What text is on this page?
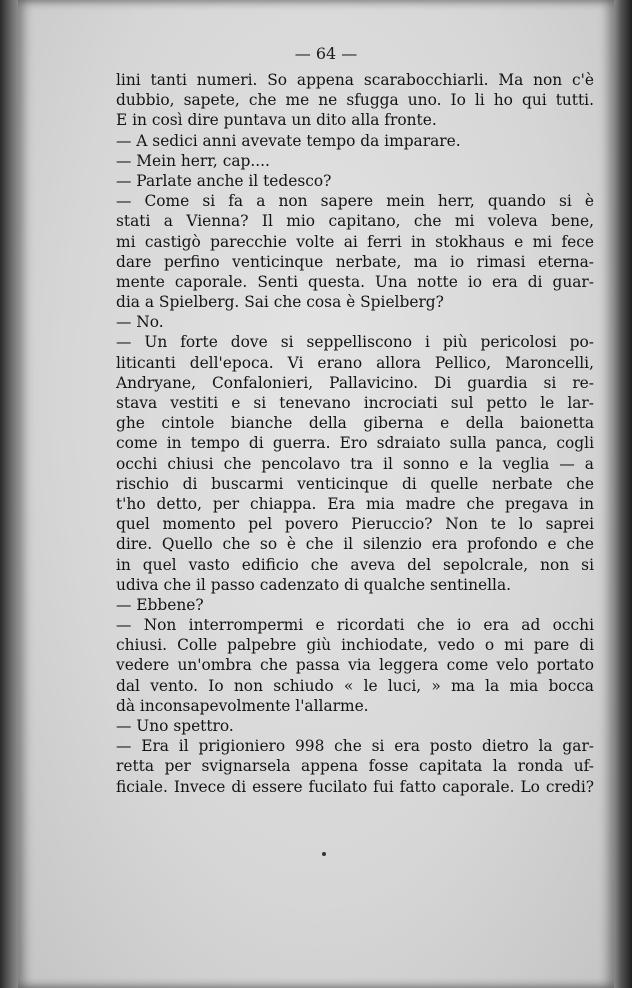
— 64 —
lini tanti numeri. So appena scarabocchiarli. Ma non c'è
dubbio, sapete, che me ne sfugga uno. Io li ho qui tutti.
E in così dire puntava un dito alla fronte.
— A sedici anni avevate tempo da imparare.
— Mein herr, cap....
— Parlate anche il tedesco?
— Come si fa a non sapere mein herr, quando si è
stati a Vienna? Il mio capitano, che mi voleva bene,
mi castigò parecchie volte ai ferri in stokhaus e mi fece
dare perfino venticinque nerbate, ma io rimasi eterna-
mente caporale. Senti questa. Una notte io era di guar-
dia a Spielberg. Sai che cosa è Spielberg?
— No.
— Un forte dove si seppelliscono i più pericolosi po-
liticanti dell'epoca. Vi erano allora Pellico, Maroncelli,
Andryane, Confalonieri, Pallavicino. Di guardia si re-
stava vestiti e si tenevano incrociati sul petto le lar-
ghe cintole bianche della giberna e della baionetta
come in tempo di guerra. Ero sdraiato sulla panca, cogli
occhi chiusi che pencolavo tra il sonno e la veglia — a
rischio di buscarmi venticinque di quelle nerbate che
t'ho detto, per chiappa. Era mia madre che pregava in
quel momento pel povero Pieruccio? Non te lo saprei
dire. Quello che so è che il silenzio era profondo e che
in quel vasto edificio che aveva del sepolcrale, non si
udiva che il passo cadenzato di qualche sentinella.
— Ebbene?
— Non interrompermi e ricordati che io era ad occhi
chiusi. Colle palpebre giù inchiodate, vedo o mi pare di
vedere un'ombra che passa via leggera come velo portato
dal vento. Io non schiudo « le luci, » ma la mia bocca
dà inconsapevolmente l'allarme.
— Uno spettro.
— Era il prigioniero 998 che si era posto dietro la gar-
retta per svignarsela appena fosse capitata la ronda uf-
ficiale. Invece di essere fucilato fui fatto caporale. Lo credi?
